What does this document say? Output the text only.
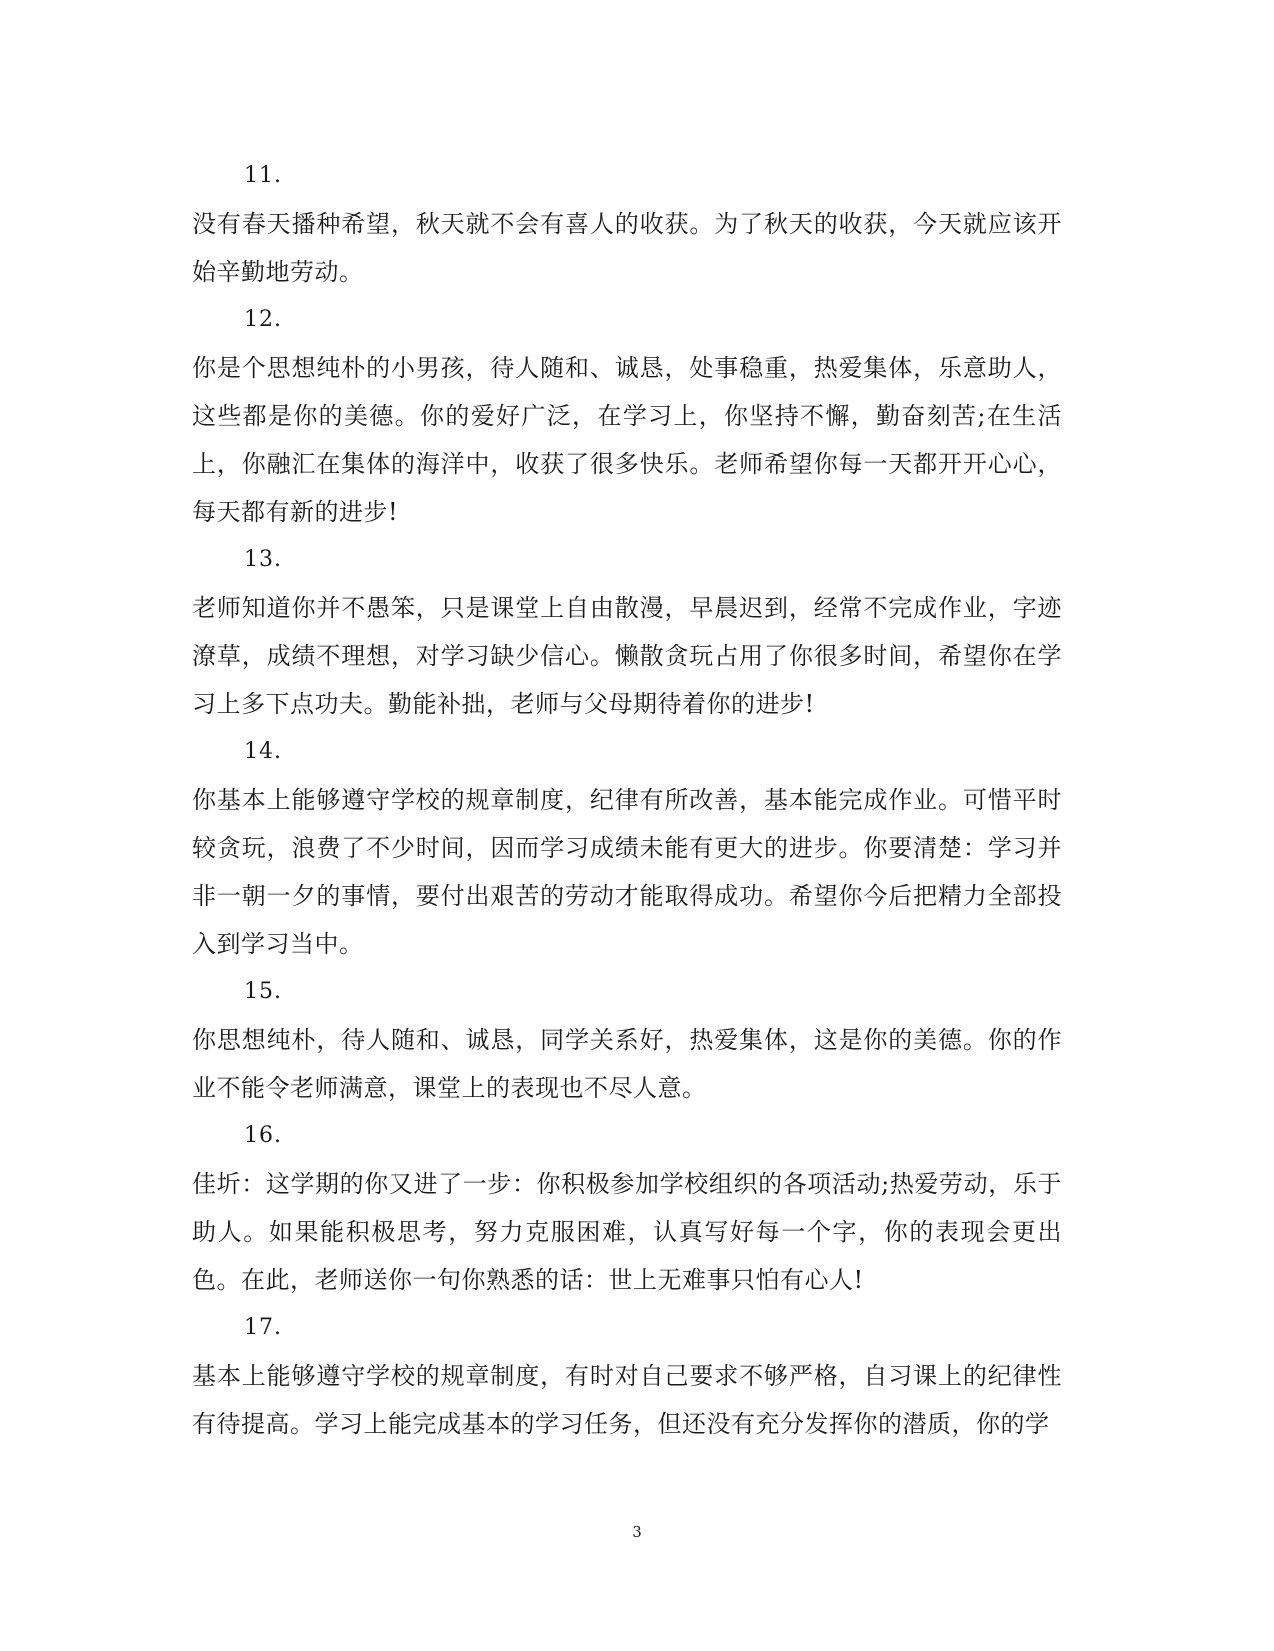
11.
没有春天播种希望，秋天就不会有喜人的收获。为了秋天的收获，今天就应该开始辛勤地劳动。
12.
你是个思想纯朴的小男孩，待人随和、诚恳，处事稳重，热爱集体，乐意助人，这些都是你的美德。你的爱好广泛，在学习上，你坚持不懈，勤奋刻苦;在生活上，你融汇在集体的海洋中，收获了很多快乐。老师希望你每一天都开开心心，每天都有新的进步!
13.
老师知道你并不愚笨，只是课堂上自由散漫，早晨迟到，经常不完成作业，字迹潦草，成绩不理想，对学习缺少信心。懒散贪玩占用了你很多时间，希望你在学习上多下点功夫。勤能补拙，老师与父母期待着你的进步!
14.
你基本上能够遵守学校的规章制度，纪律有所改善，基本能完成作业。可惜平时较贪玩，浪费了不少时间，因而学习成绩未能有更大的进步。你要清楚：学习并非一朝一夕的事情，要付出艰苦的劳动才能取得成功。希望你今后把精力全部投入到学习当中。
15.
你思想纯朴，待人随和、诚恳，同学关系好，热爱集体，这是你的美德。你的作业不能令老师满意，课堂上的表现也不尽人意。
16.
佳圻：这学期的你又进了一步：你积极参加学校组织的各项活动;热爱劳动，乐于助人。如果能积极思考，努力克服困难，认真写好每一个字，你的表现会更出色。在此，老师送你一句你熟悉的话：世上无难事只怕有心人!
17.
基本上能够遵守学校的规章制度，有时对自己要求不够严格，自习课上的纪律性有待提高。学习上能完成基本的学习任务，但还没有充分发挥你的潜质，你的学
3
